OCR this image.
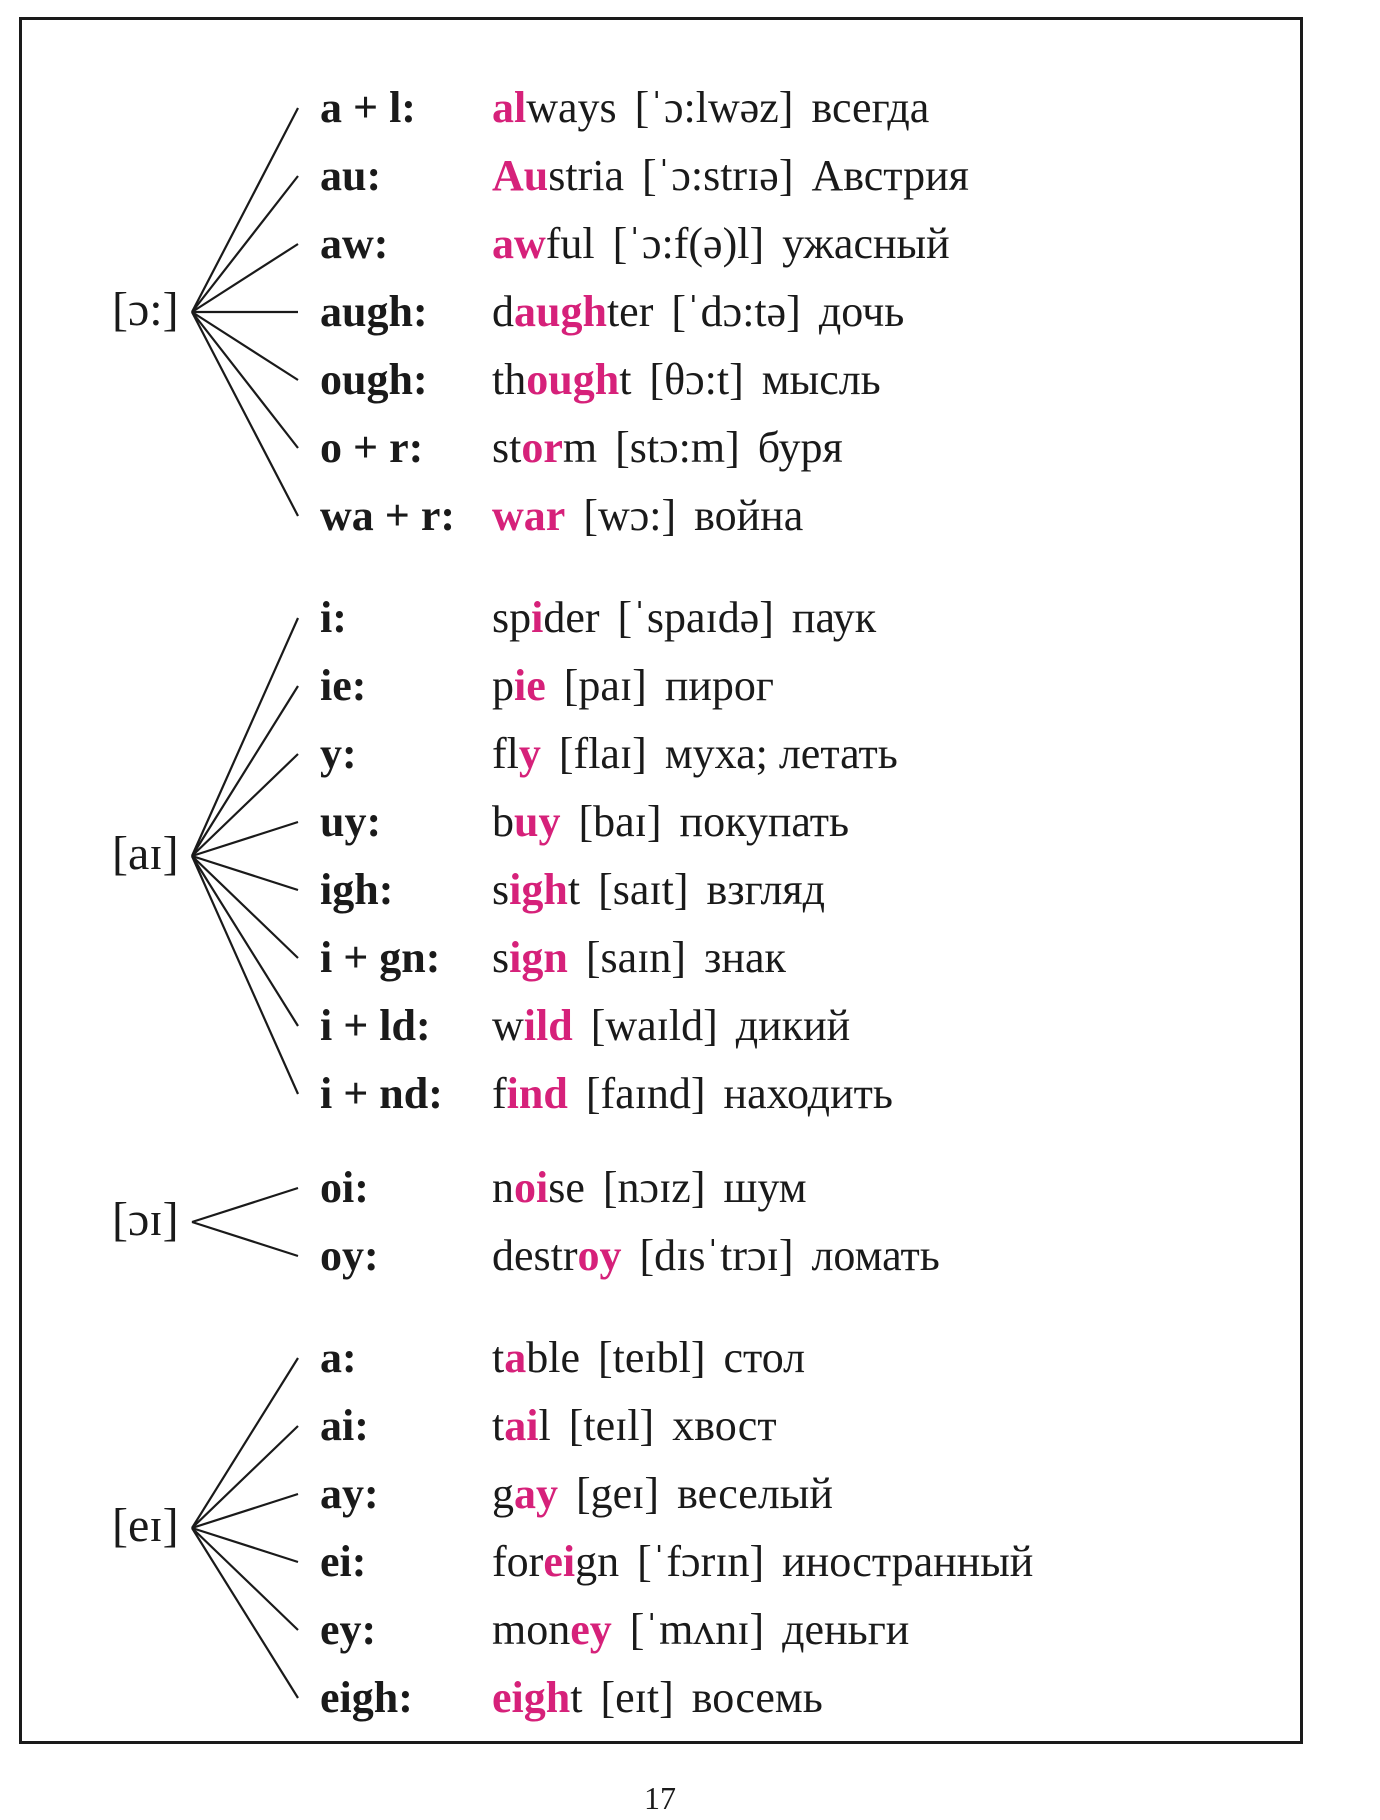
[ɔ:]
a + l: always [ˈɔ:lwəz] всегда
au:	Austria [ˈɔ:strɪə] Австрия
aw: awful [ˈɔ:f(ə)l] ужасный
augh: daughter [ˈdɔ:tə] дочь
ough: thought [θɔ:t] мысль
o + r: storm [stɔ:m] буря
wa + r: war [wɔ:] война
[aɪ]
i:	spider [ˈspaɪdə] паук
ie:	pie [paɪ] пирог
y:	fly [flaɪ] муха; летать
uy:	buy [baɪ] покупать
igh: sight [saɪt] взгляд
i + gn: sign [saɪn] знак
i + ld: wild [waɪld] дикий
i + nd: find [faɪnd] находить
[ɔɪ]
oi:	noise [nɔɪz] шум
oy:	destroy [dɪsˈtrɔɪ] ломать
[eɪ]
a:	table [teɪbl] стол
ai:	tail [teɪl] хвост
ay:	gay [geɪ] веселый
ei:	foreign [ˈfɔrɪn] иностранный
ey:	money [ˈmʌnɪ] деньги
eigh: eight [eɪt] восемь
17
